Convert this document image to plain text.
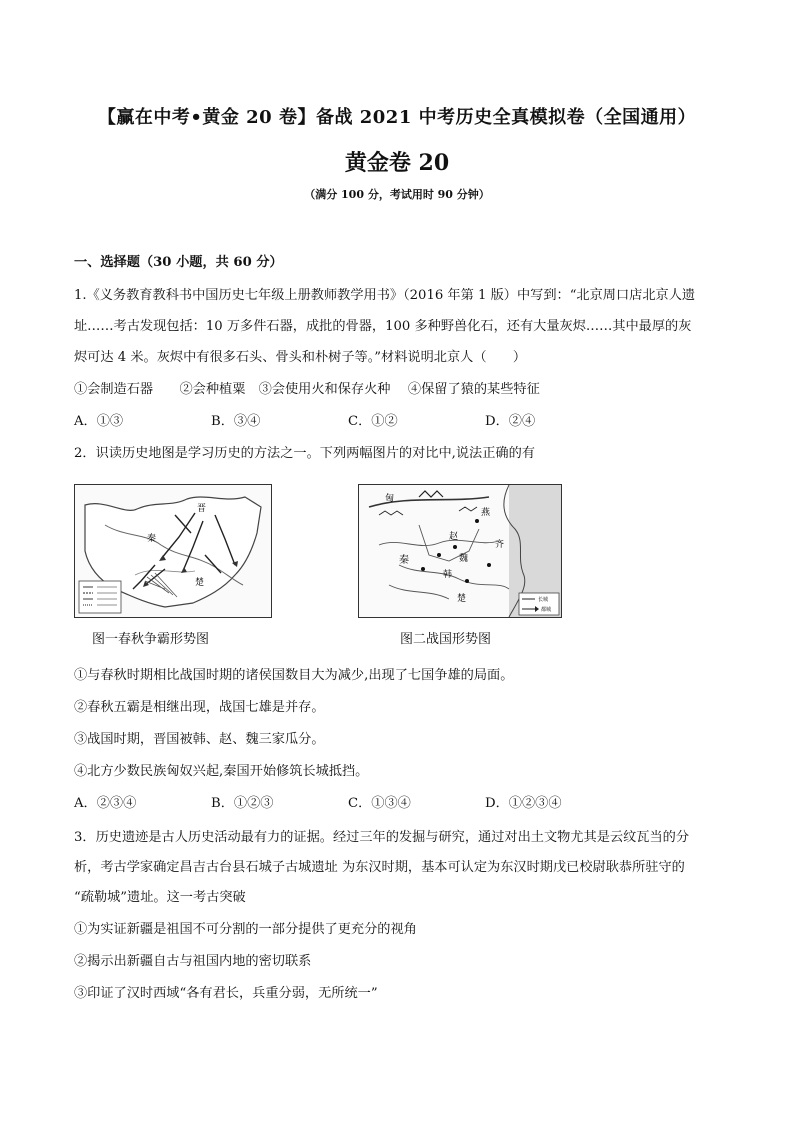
【赢在中考•黄金 20 卷】备战 2021 中考历史全真模拟卷（全国通用）
黄金卷 20
（满分 100 分，考试用时 90 分钟）
一、选择题（30 小题，共 60 分）
1.《义务教育教科书中国历史七年级上册教师教学用书》（2016 年第 1 版）中写到：“北京周口店北京人遗
址……考古发现包括：10 万多件石器，成批的骨器，100 多种野兽化石，还有大量灰烬……其中最厚的灰
烬可达 4 米。灰烬中有很多石头、骨头和朴树子等。”材料说明北京人（　　）
①会制造石器　　②会种植粟　③会使用火和保存火种　 ④保留了猿的某些特征
A．①③	B．③④	C．①②	D．②④
2．识读历史地图是学习历史的方法之一。下列两幅图片的对比中,说法正确的有
秦
晋
楚
图一春秋争霸形势图
匈
燕
赵
魏
秦
齐
韩
楚	长城
都城
图二战国形势图
①与春秋时期相比战国时期的诸侯国数目大为减少,出现了七国争雄的局面。
②春秋五霸是相继出现，战国七雄是并存。
③战国时期，晋国被韩、赵、魏三家瓜分。
④北方少数民族匈奴兴起,秦国开始修筑长城抵挡。
A．②③④	B．①②③	C．①③④	D．①②③④
3．历史遗迹是古人历史活动最有力的证据。经过三年的发掘与研究，通过对出土文物尤其是云纹瓦当的分
析，考古学家确定昌吉古台县石城子古城遗址 为东汉时期，基本可认定为东汉时期戊已校尉耿恭所驻守的
“疏勒城”遗址。这一考古突破
①为实证新疆是祖国不可分割的一部分提供了更充分的视角
②揭示出新疆自古与祖国内地的密切联系
③印证了汉时西域“各有君长，兵重分弱，无所统一”
